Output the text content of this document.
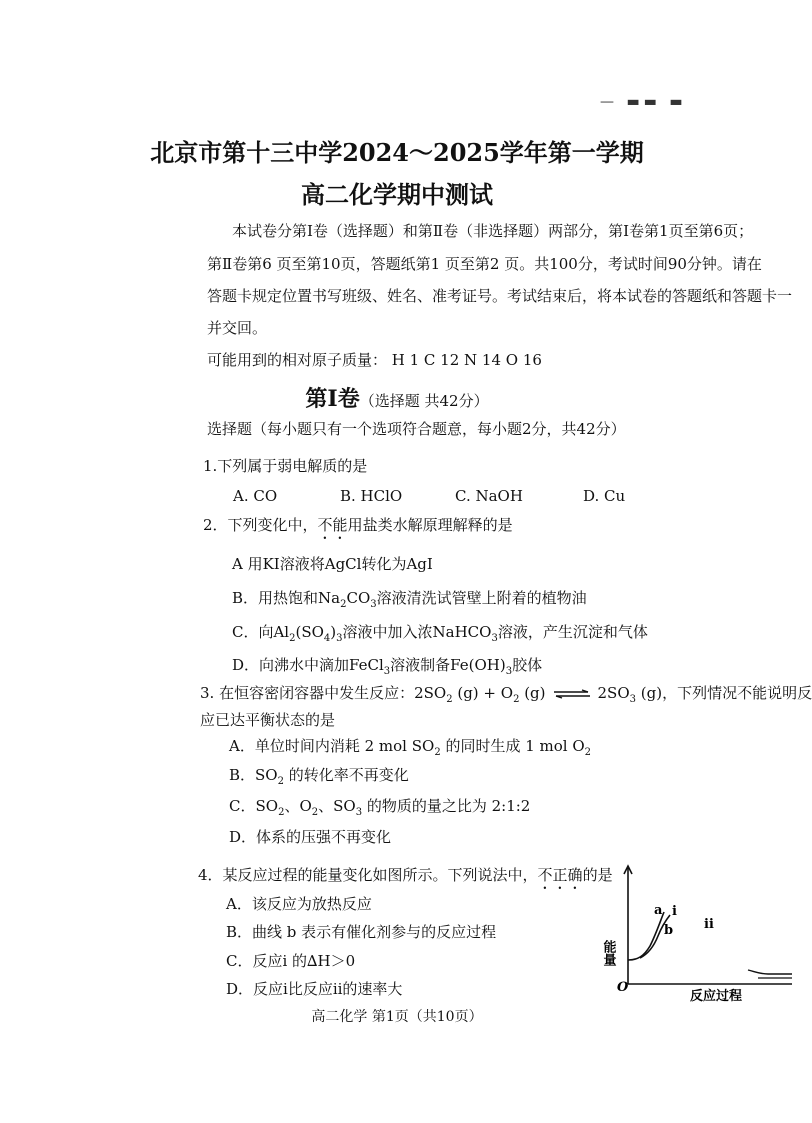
— ▬▬ ▬
北京市第十三中学2024～2025学年第一学期
高二化学期中测试
本试卷分第Ⅰ卷（选择题）和第Ⅱ卷（非选择题）两部分，第Ⅰ卷第1页至第6页；
第Ⅱ卷第6 页至第10页，答题纸第1 页至第2 页。共100分，考试时间90分钟。请在
答题卡规定位置书写班级、姓名、准考证号。考试结束后，将本试卷的答题纸和答题卡一
并交回。
可能用到的相对原子质量： H 1 C 12 N 14 O 16
第Ⅰ卷（选择题 共42分）
选择题（每小题只有一个选项符合题意，每小题2分，共42分）
1.下列属于弱电解质的是
A. CO	B. HClO	C. NaOH	D. Cu
2．下列变化中，不能用盐类水解原理解释的是
A 用KI溶液将AgCl转化为AgI
B．用热饱和$Na_2CO_3$溶液清洗试管壁上附着的植物油
C．向$Al_2(SO_4)_3$溶液中加入浓NaHCO$_3$溶液，产生沉淀和气体
D．向沸水中滴加FeCl$_3$溶液制备$Fe(OH)_3$胶体
3. 在恒容密闭容器中发生反应：$2SO_2$ $(g) + O_2$ (g) ⇌ $2SO_3$ (g)，下列情况不能说明反
应已达平衡状态的是
A．单位时间内消耗 2 mol $SO_2$ 的同时生成 1 mol $O_2$
B．$SO_2$ 的转化率不再变化
C．$SO_2$、$O_2$、$SO_3$ 的物质的量之比为 2:1:2
D．体系的压强不再变化
4．某反应过程的能量变化如图所示。下列说法中，不正确的是
A．该反应为放热反应
B．曲线 b 表示有催化剂参与的反应过程
C．反应ⅰ 的∆H＞0
D．反应ⅰ比反应ⅱ的速率大
能量
O
a ⅰ
b ⅱ
反应过程
高二化学 第1页（共10页）
